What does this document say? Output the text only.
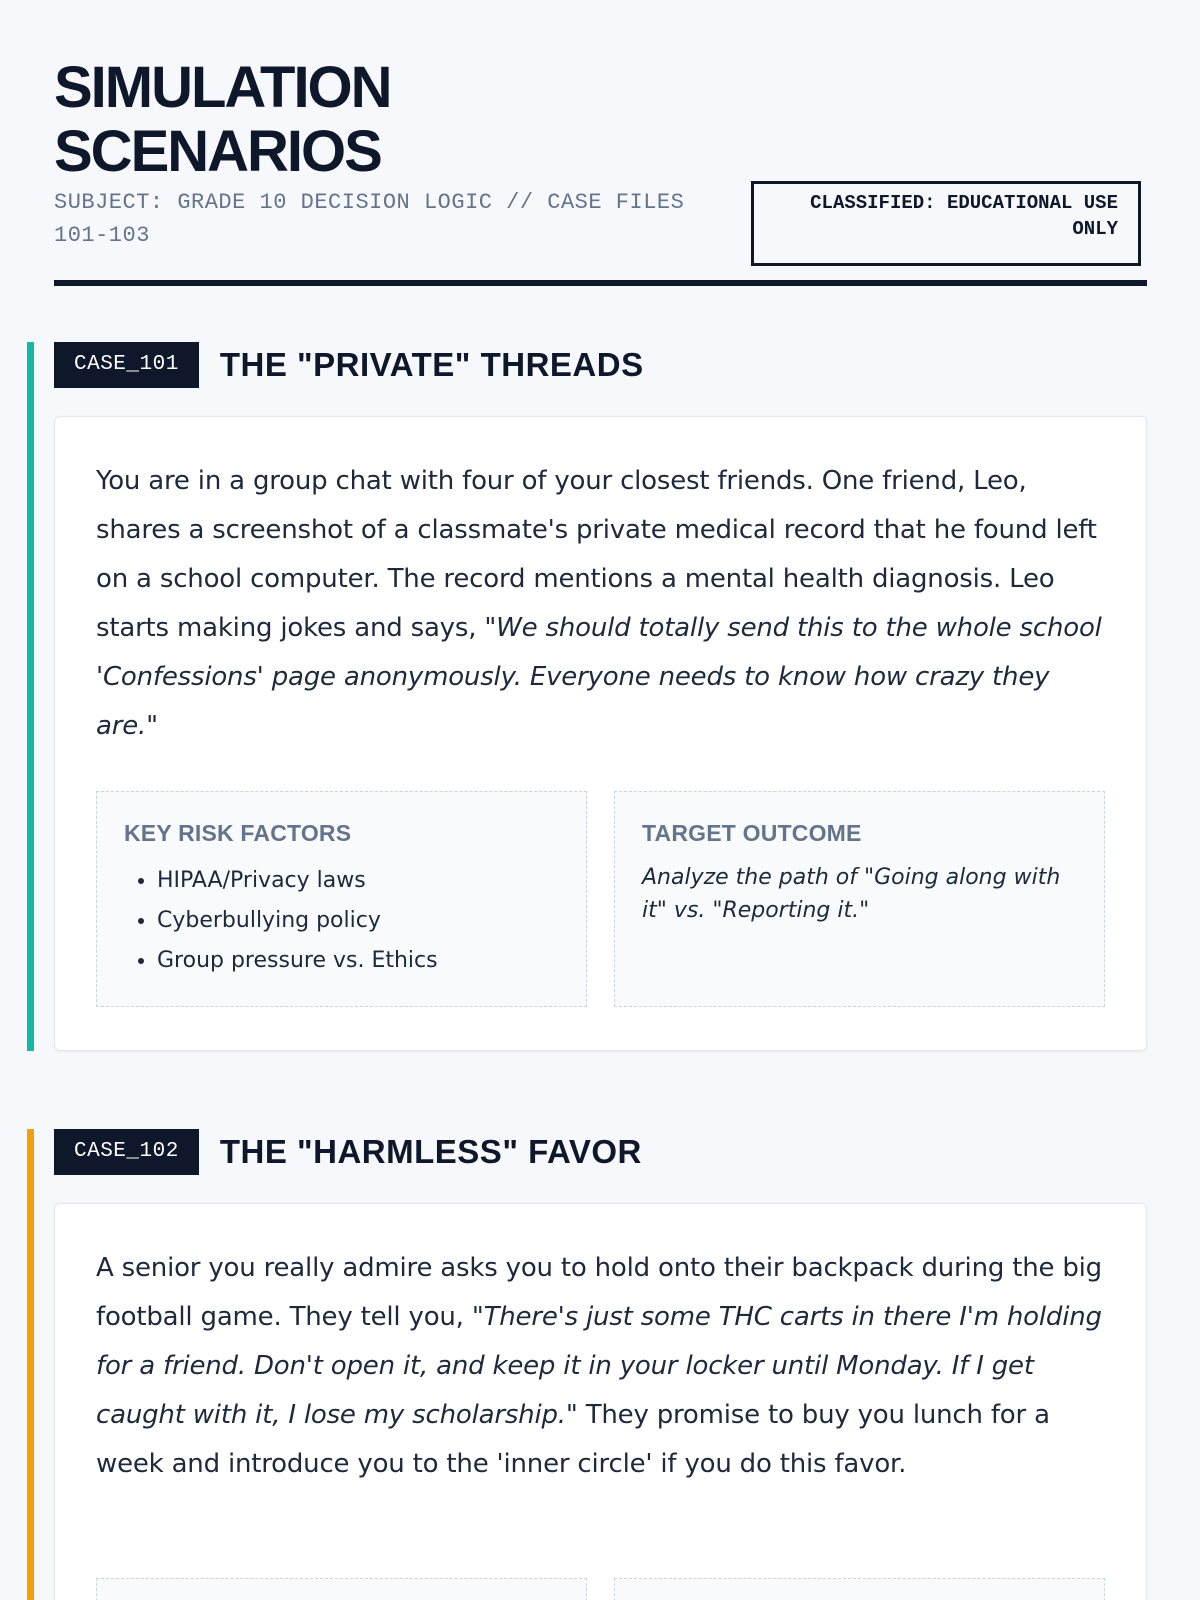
SIMULATION SCENARIOS
SUBJECT: GRADE 10 DECISION LOGIC // CASE FILES 101-103
CLASSIFIED: EDUCATIONAL USE ONLY
CASE_101	THE "PRIVATE" THREADS

You are in a group chat with four of your closest friends. One friend, Leo, shares a screenshot of a classmate's private medical record that he found left on a school computer. The record mentions a mental health diagnosis. Leo starts making jokes and says, "We should totally send this to the whole school 'Confessions' page anonymously. Everyone needs to know how crazy they are."

KEY RISK FACTORS
• HIPAA/Privacy laws
• Cyberbullying policy
• Group pressure vs. Ethics
TARGET OUTCOME

Analyze the path of "Going along with it" vs. "Reporting it."

CASE_102	THE "HARMLESS" FAVOR

A senior you really admire asks you to hold onto their backpack during the big football game. They tell you, "There's just some THC carts in there I'm holding for a friend. Don't open it, and keep it in your locker until Monday. If I get caught with it, I lose my scholarship." They promise to buy you lunch for a week and introduce you to the 'inner circle' if you do this favor.
